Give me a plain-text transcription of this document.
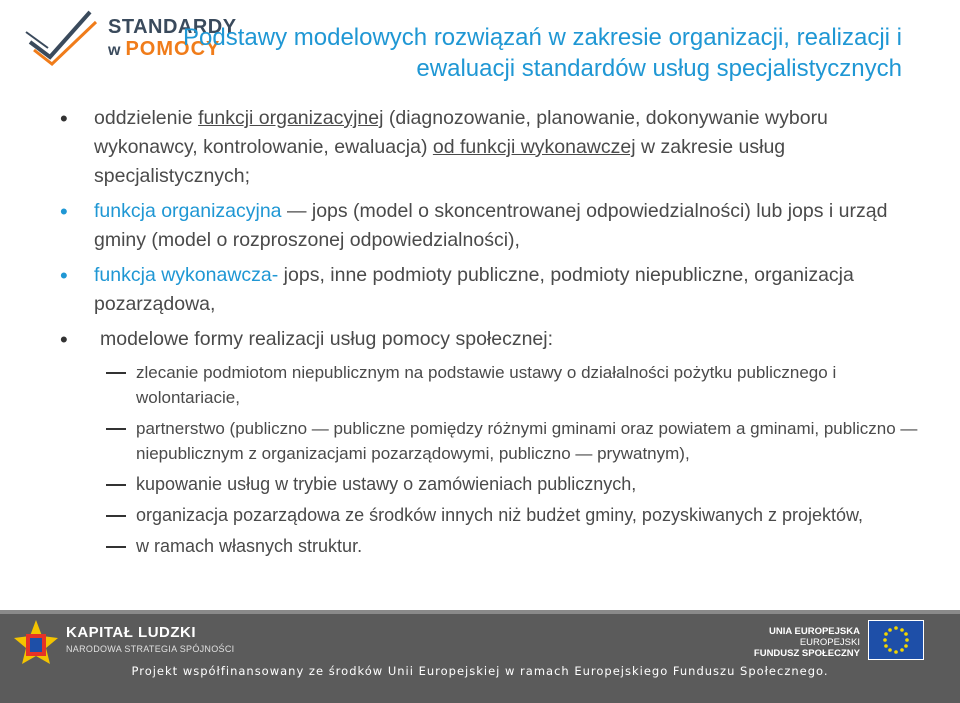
STANDARDY
w POMOCY
Podstawy modelowych rozwiązań w zakresie organizacji, realizacji i ewaluacji standardów usług specjalistycznych
• oddzielenie funkcji organizacyjnej (diagnozowanie, planowanie, dokonywanie wyboru wykonawcy, kontrolowanie, ewaluacja) od funkcji wykonawczej w zakresie usług specjalistycznych;
• funkcja organizacyjna — jops (model o skoncentrowanej odpowiedzialności) lub jops i urząd gminy (model o rozproszonej odpowiedzialności),
• funkcja wykonawcza- jops, inne podmioty publiczne, podmioty niepubliczne, organizacja pozarządowa,
• modelowe formy realizacji usług pomocy społecznej:
zlecanie podmiotom niepublicznym na podstawie ustawy o działalności pożytku publicznego i wolontariacie,
partnerstwo (publiczno — publiczne pomiędzy różnymi gminami oraz powiatem a gminami, publiczno — niepublicznym z organizacjami pozarządowymi, publiczno — prywatnym),
kupowanie usług w trybie ustawy o zamówieniach publicznych,
organizacja pozarządowa ze środków innych niż budżet gminy, pozyskiwanych z projektów,
w ramach własnych struktur.
KAPITAŁ LUDZKI
NARODOWA STRATEGIA SPÓJNOŚCI
UNIA EUROPEJSKA
EUROPEJSKI
FUNDUSZ SPOŁECZNY
Projekt współfinansowany ze środków Unii Europejskiej w ramach Europejskiego Funduszu Społecznego.
